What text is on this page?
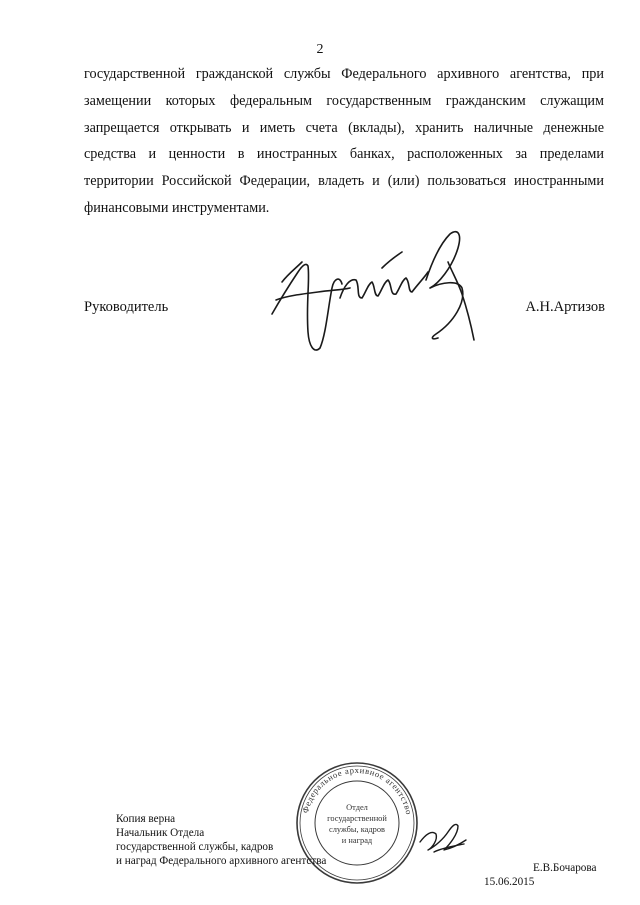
2
государственной гражданской службы Федерального архивного агентства, при
замещении которых федеральным государственным гражданским служащим
запрещается открывать и иметь счета (вклады), хранить наличные денежные
средства и ценности в иностранных банках, расположенных за пределами
территории Российской Федерации, владеть и (или) пользоваться иностранными
финансовыми инструментами.
Руководитель	А.Н.Артизов
Федеральное архивное агентство
Отдел
государственной
службы, кадров
и наград
Копия верна
Начальник Отдела
государственной службы, кадров
и наград Федерального архивного агентства
Е.В.Бочарова
15.06.2015
